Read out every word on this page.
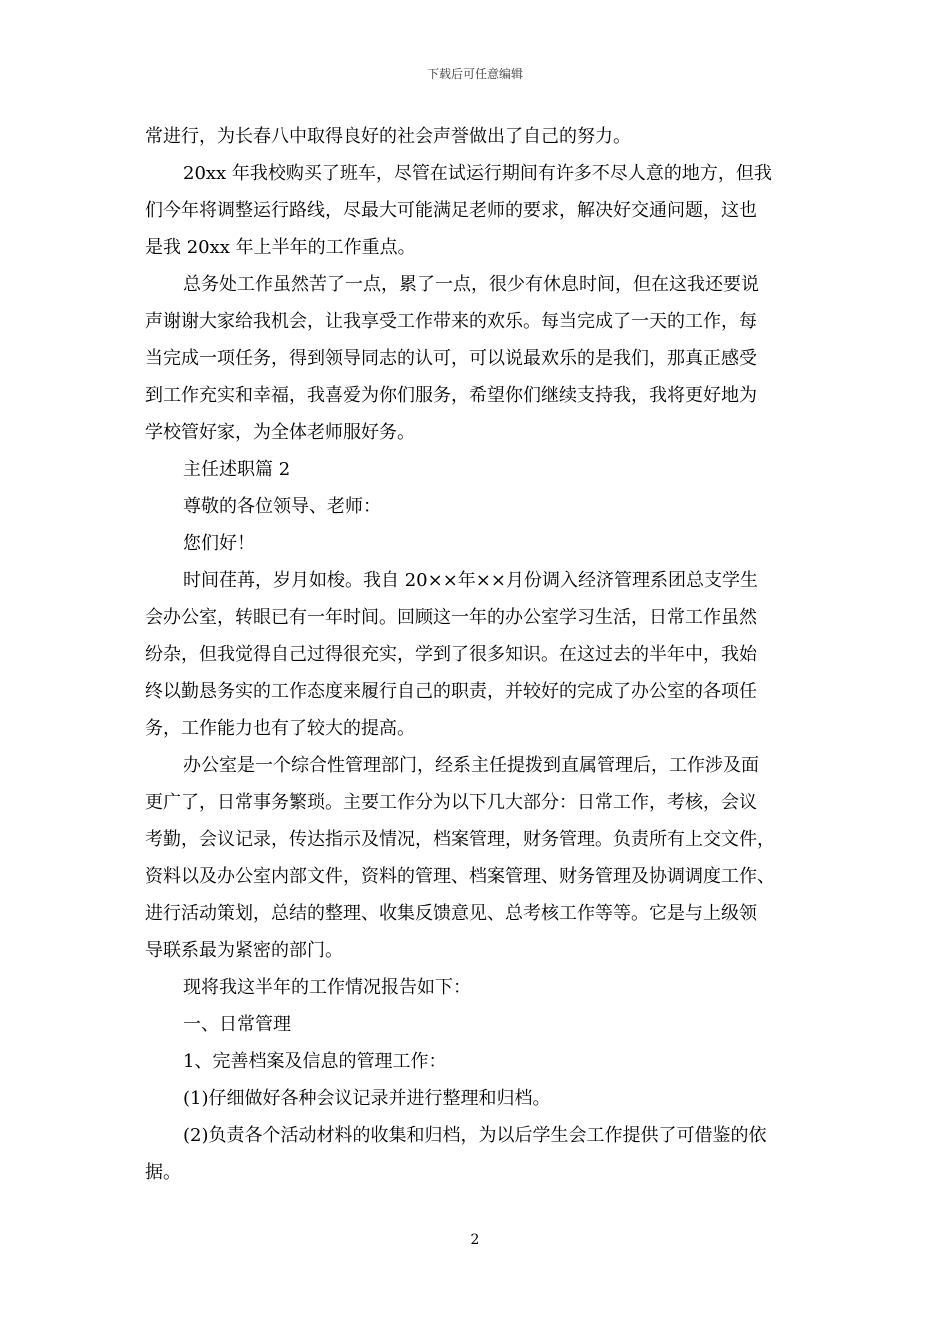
下载后可任意编辑
常进行，为长春八中取得良好的社会声誉做出了自己的努力。
20xx 年我校购买了班车，尽管在试运行期间有许多不尽人意的地方，但我
们今年将调整运行路线，尽最大可能满足老师的要求，解决好交通问题，这也
是我 20xx 年上半年的工作重点。
总务处工作虽然苦了一点，累了一点，很少有休息时间，但在这我还要说
声谢谢大家给我机会，让我享受工作带来的欢乐。每当完成了一天的工作，每
当完成一项任务，得到领导同志的认可，可以说最欢乐的是我们，那真正感受
到工作充实和幸福，我喜爱为你们服务，希望你们继续支持我，我将更好地为
学校管好家，为全体老师服好务。
主任述职篇 2
尊敬的各位领导、老师：
您们好！
时间荏苒，岁月如梭。我自 20××年××月份调入经济管理系团总支学生
会办公室，转眼已有一年时间。回顾这一年的办公室学习生活，日常工作虽然
纷杂，但我觉得自己过得很充实，学到了很多知识。在这过去的半年中，我始
终以勤恳务实的工作态度来履行自己的职责，并较好的完成了办公室的各项任
务，工作能力也有了较大的提高。
办公室是一个综合性管理部门，经系主任提拨到直属管理后，工作涉及面
更广了，日常事务繁琐。主要工作分为以下几大部分：日常工作，考核，会议
考勤，会议记录，传达指示及情况，档案管理，财务管理。负责所有上交文件，
资料以及办公室内部文件，资料的管理、档案管理、财务管理及协调调度工作、
进行活动策划，总结的整理、收集反馈意见、总考核工作等等。它是与上级领
导联系最为紧密的部门。
现将我这半年的工作情况报告如下：
一、日常管理
1、完善档案及信息的管理工作：
(1)仔细做好各种会议记录并进行整理和归档。
(2)负责各个活动材料的收集和归档，为以后学生会工作提供了可借鉴的依
据。
2
